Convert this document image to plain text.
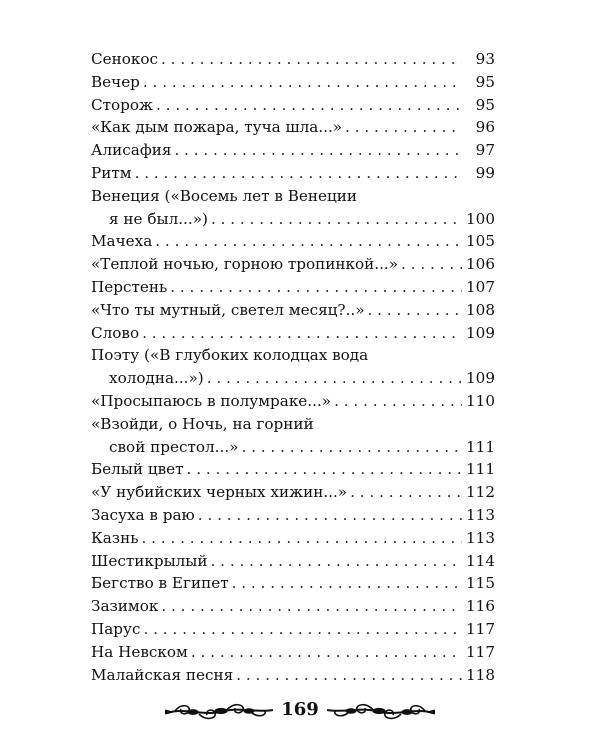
Сенокос . . .	93
Вечер . . .	95
Сторож . . .	95
«Как дым пожара, туча шла...» . . .	96
Алисафия . . .	97
Ритм . . .	99
Венеция («Восемь лет в Венеции
я не был...») . . .	100
Мачеха . . .	105
«Теплой ночью, горною тропинкой...» . . .	106
Перстень . . .	107
«Что ты мутный, светел месяц?..» . . .	108
Слово . . .	109
Поэту («В глубоких колодцах вода
холодна...») . . .	109
«Просыпаюсь в полумраке...» . . .	110
«Взойди, о Ночь, на горний
свой престол...» . . .	111
Белый цвет . . .	111
«У нубийских черных хижин...» . . .	112
Засуха в раю . . .	113
Казнь . . .	113
Шестикрылый . . .	114
Бегство в Египет . . .	115
Зазимок . . .	116
Парус . . .	117
На Невском . . .	117
Малайская песня . . .	118
169
